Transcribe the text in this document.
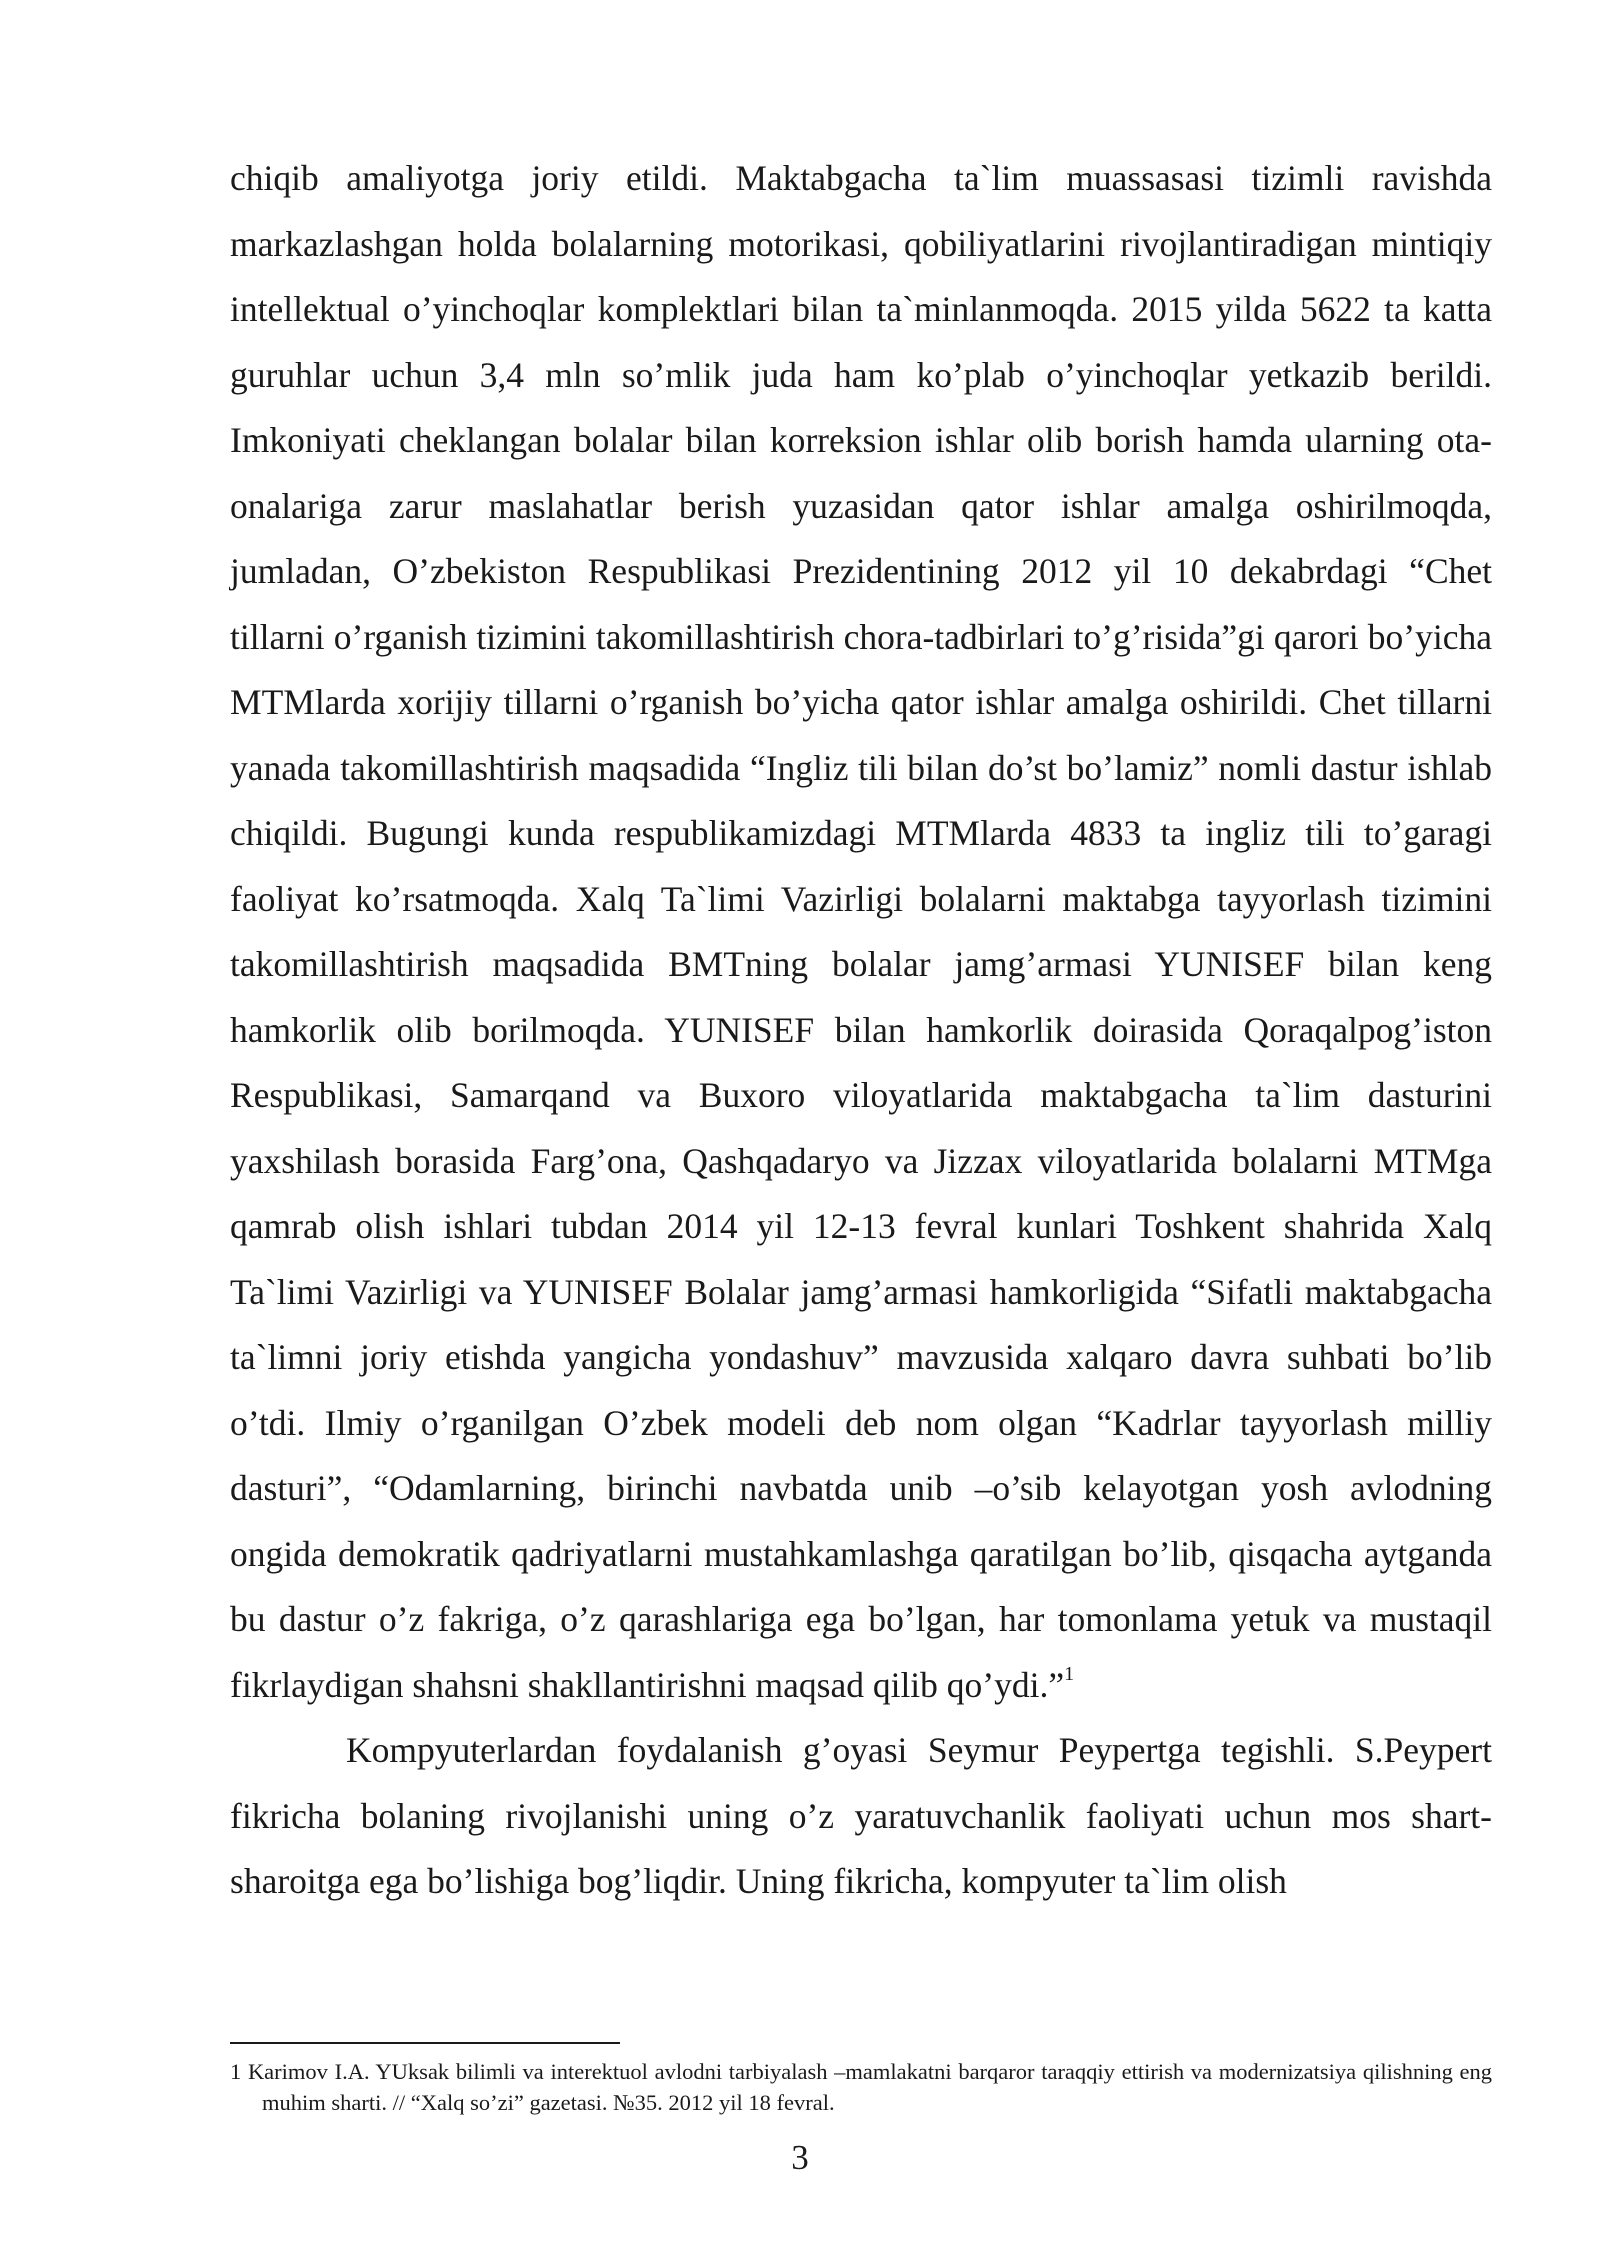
chiqib amaliyotga joriy etildi. Maktabgacha ta`lim muassasasi tizimli ravishda markazlashgan holda bolalarning motorikasi, qobiliyatlarini rivojlantiradigan mintiqiy intellektual o’yinchoqlar komplektlari bilan ta`minlanmoqda. 2015 yilda 5622 ta katta guruhlar uchun 3,4 mln so’mlik juda ham ko’plab o’yinchoqlar yetkazib berildi. Imkoniyati cheklangan bolalar bilan korreksion ishlar olib borish hamda ularning ota-onalariga zarur maslahatlar berish yuzasidan qator ishlar amalga oshirilmoqda, jumladan, O’zbekiston Respublikasi Prezidentining 2012 yil 10 dekabrdagi “Chet tillarni o’rganish tizimini takomillashtirish chora-tadbirlari to’g’risida”gi qarori bo’yicha MTMlarda xorijiy tillarni o’rganish bo’yicha qator ishlar amalga oshirildi. Chet tillarni yanada takomillashtirish maqsadida “Ingliz tili bilan do’st bo’lamiz” nomli dastur ishlab chiqildi. Bugungi kunda respublikamizdagi MTMlarda 4833 ta ingliz tili to’garagi faoliyat ko’rsatmoqda. Xalq Ta`limi Vazirligi bolalarni maktabga tayyorlash tizimini takomillashtirish maqsadida BMTning bolalar jamg’armasi YUNISEF bilan keng hamkorlik olib borilmoqda. YUNISEF bilan hamkorlik doirasida Qoraqalpog’iston Respublikasi, Samarqand va Buxoro viloyatlarida maktabgacha ta`lim dasturini yaxshilash borasida Farg’ona, Qashqadaryo va Jizzax viloyatlarida bolalarni MTMga qamrab olish ishlari tubdan 2014 yil 12-13 fevral kunlari Toshkent shahrida Xalq Ta`limi Vazirligi va YUNISEF Bolalar jamg’armasi hamkorligida “Sifatli maktabgacha ta`limni joriy etishda yangicha yondashuv” mavzusida xalqaro davra suhbati bo’lib o’tdi. Ilmiy o’rganilgan O’zbek modeli deb nom olgan “Kadrlar tayyorlash milliy dasturi”, “Odamlarning, birinchi navbatda unib –o’sib kelayotgan yosh avlodning ongida demokratik qadriyatlarni mustahkamlashga qaratilgan bo’lib, qisqacha aytganda bu dastur o’z fakriga, o’z qarashlariga ega bo’lgan, har tomonlama yetuk va mustaqil fikrlaydigan shahsni shakllantirishni maqsad qilib qo’ydi.”$^1$

Kompyuterlardan foydalanish g’oyasi Seymur Peypertga tegishli. S.Peypert fikricha bolaning rivojlanishi uning o’z yaratuvchanlik faoliyati uchun mos shart-sharoitga ega bo’lishiga bog’liqdir. Uning fikricha, kompyuter ta`lim olish

1 Karimov I.A. YUksak bilimli va interektuol avlodni tarbiyalash –mamlakatni barqaror taraqqiy ettirish va modernizatsiya qilishning eng muhim sharti. // “Xalq so’zi” gazetasi. №35. 2012 yil 18 fevral.
3
